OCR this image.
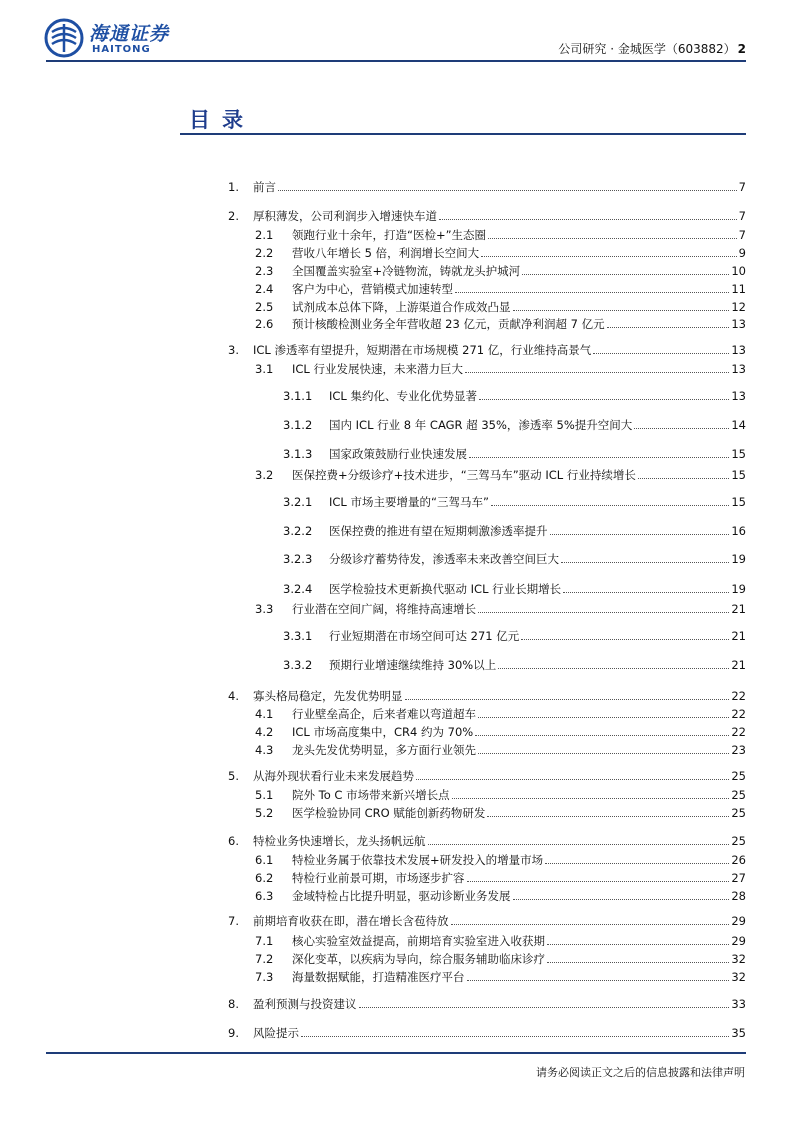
海通证券
HAITONG	公司研究 · 金城医学（603882） 2
目录
1.	前言	7
2.	厚积薄发，公司利润步入增速快车道	7
2.1	领跑行业十余年，打造“医检+”生态圈	7
2.2	营收八年增长 5 倍，利润增长空间大	9
2.3	全国覆盖实验室+冷链物流，铸就龙头护城河	10
2.4	客户为中心，营销模式加速转型	11
2.5	试剂成本总体下降，上游渠道合作成效凸显	12
2.6	预计核酸检测业务全年营收超 23 亿元，贡献净利润超 7 亿元	13
3.	ICL 渗透率有望提升，短期潜在市场规模 271 亿，行业维持高景气	13
3.1	ICL 行业发展快速，未来潜力巨大	13
3.1.1	ICL 集约化、专业化优势显著	13
3.1.2	国内 ICL 行业 8 年 CAGR 超 35%，渗透率 5%提升空间大	14
3.1.3	国家政策鼓励行业快速发展	15
3.2	医保控费+分级诊疗+技术进步，“三驾马车”驱动 ICL 行业持续增长	15
3.2.1	ICL 市场主要增量的“三驾马车”	15
3.2.2	医保控费的推进有望在短期刺激渗透率提升	16
3.2.3	分级诊疗蓄势待发，渗透率未来改善空间巨大	19
3.2.4	医学检验技术更新换代驱动 ICL 行业长期增长	19
3.3	行业潜在空间广阔，将维持高速增长	21
3.3.1	行业短期潜在市场空间可达 271 亿元	21
3.3.2	预期行业增速继续维持 30%以上	21
4.	寡头格局稳定，先发优势明显	22
4.1	行业壁垒高企，后来者难以弯道超车	22
4.2	ICL 市场高度集中，CR4 约为 70%	22
4.3	龙头先发优势明显，多方面行业领先	23
5.	从海外现状看行业未来发展趋势	25
5.1	院外 To C 市场带来新兴增长点	25
5.2	医学检验协同 CRO 赋能创新药物研发	25
6.	特检业务快速增长，龙头扬帆远航	25
6.1	特检业务属于依靠技术发展+研发投入的增量市场	26
6.2	特检行业前景可期，市场逐步扩容	27
6.3	金域特检占比提升明显，驱动诊断业务发展	28
7.	前期培育收获在即，潜在增长含苞待放	29
7.1	核心实验室效益提高，前期培育实验室进入收获期	29
7.2	深化变革，以疾病为导向，综合服务辅助临床诊疗	32
7.3	海量数据赋能，打造精准医疗平台	32
8.	盈利预测与投资建议	33
9.	风险提示	35
请务必阅读正文之后的信息披露和法律声明
